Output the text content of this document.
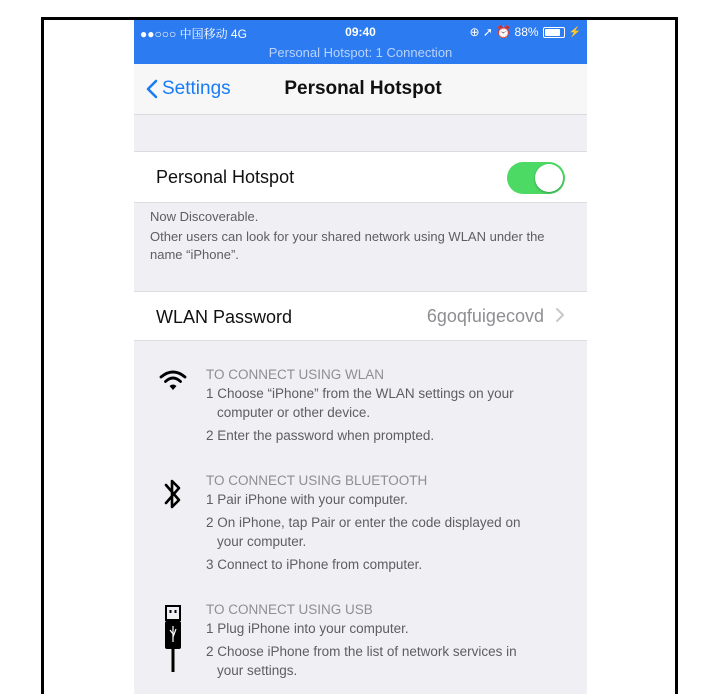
●●○○○ 中国移动 4G	09:40	⊕ ➚ ⏰ 88%	⚡
Personal Hotspot: 1 Connection
Settings	Personal Hotspot
Personal Hotspot
Now Discoverable.
Other users can look for your shared network using WLAN under the name “iPhone”.
WLAN Password	6goqfuigecovd
TO CONNECT USING WLAN
1 Choose “iPhone” from the WLAN settings on your
computer or other device.
2 Enter the password when prompted.
TO CONNECT USING BLUETOOTH
1 Pair iPhone with your computer.
2 On iPhone, tap Pair or enter the code displayed on
your computer.
3 Connect to iPhone from computer.
TO CONNECT USING USB
1 Plug iPhone into your computer.
2 Choose iPhone from the list of network services in
your settings.
